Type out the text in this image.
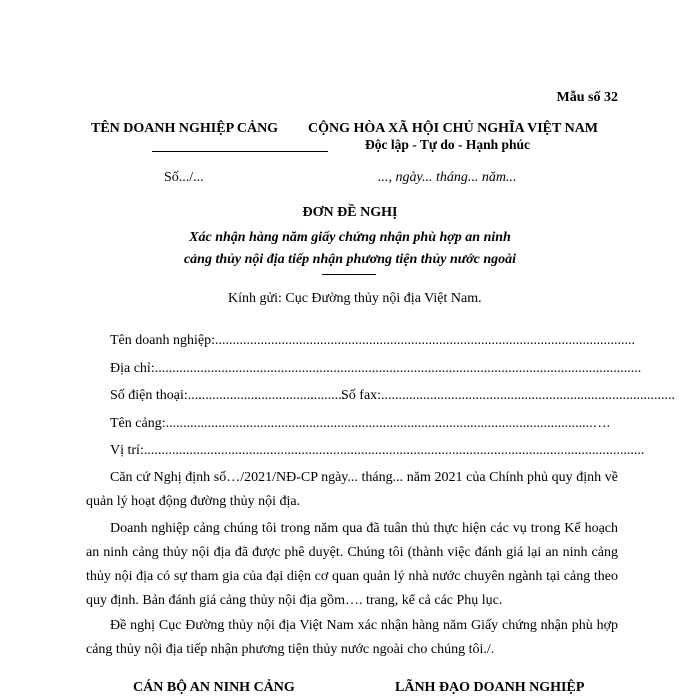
Mẫu số 32
TÊN DOANH NGHIỆP CẢNG CỘNG HÒA XÃ HỘI CHỦ NGHĨA VIỆT NAM
Độc lập - Tự do - Hạnh phúc
Số.../...	..., ngày... tháng... năm...
ĐƠN ĐỀ NGHỊ
Xác nhận hàng năm giấy chứng nhận phù hợp an ninh
cảng thủy nội địa tiếp nhận phương tiện thủy nước ngoài
Kính gửi: Cục Đường thủy nội địa Việt Nam.
Tên doanh nghiệp:........................................................................................................................
Địa chỉ:...........................................................................................................................................
Số điện thoại:.............................................
Số fax:....................................................................................
Tên cảng:..........................................................................................................................….
Vị trí:...............................................................................................................................................
Căn cứ Nghị định số…/2021/NĐ-CP ngày... tháng... năm 2021 của Chính phủ quy định về quản lý hoạt động đường thủy nội địa.
Doanh nghiệp cảng chúng tôi trong năm qua đã tuân thủ thực hiện các vụ trong Kế hoạch an ninh cảng thủy nội địa đã được phê duyệt. Chúng tôi (thành việc đánh giá lại an ninh cảng thủy nội địa có sự tham gia của đại diện cơ quan quản lý nhà nước chuyên ngành tại cảng theo quy định. Bản đánh giá cảng thủy nội địa gồm…. trang, kể cả các Phụ lục.
Đề nghị Cục Đường thủy nội địa Việt Nam xác nhận hàng năm Giấy chứng nhận phù hợp cảng thủy nội địa tiếp nhận phương tiện thủy nước ngoài cho chúng tôi./.
CÁN BỘ AN NINH CẢNG	LÃNH ĐẠO DOANH NGHIỆP
